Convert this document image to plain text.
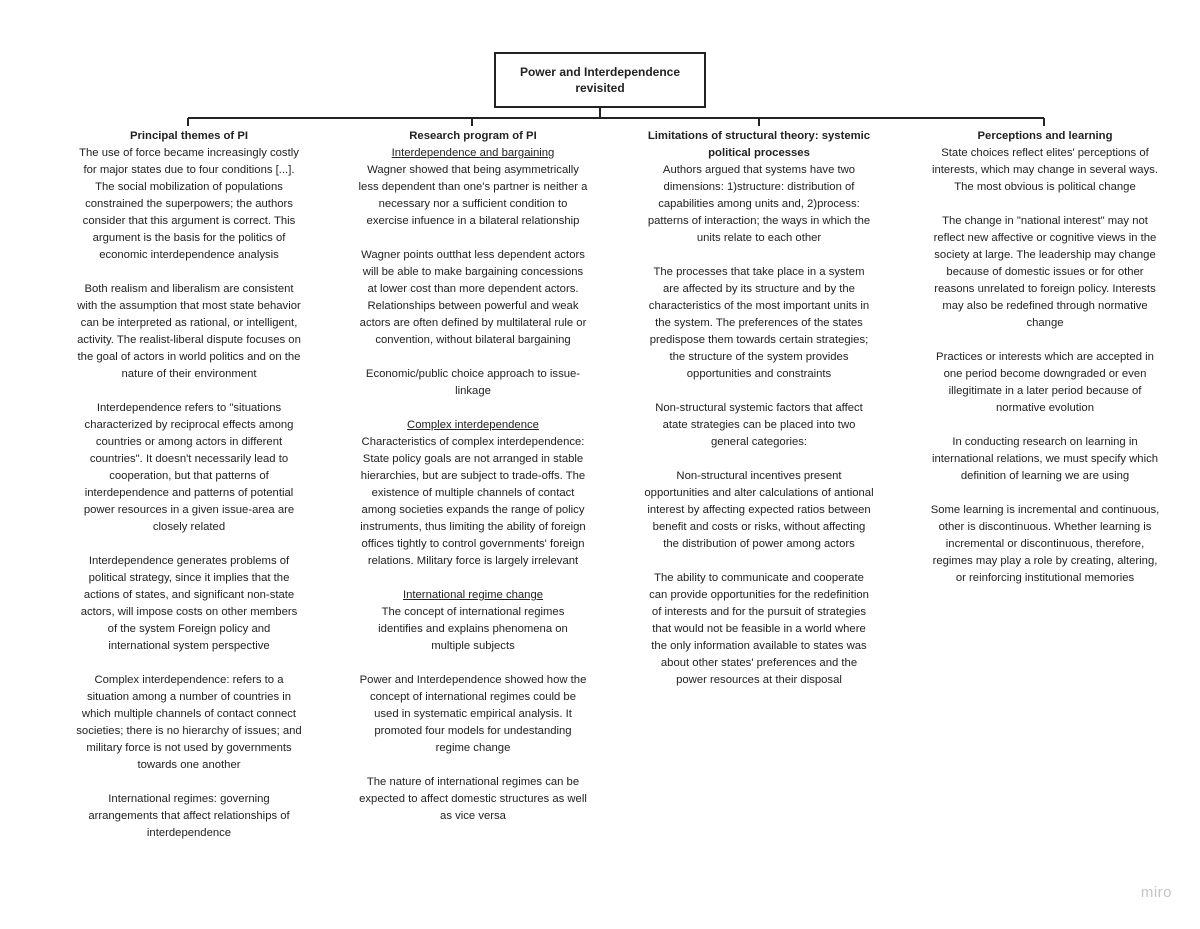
Power and Interdependence revisited
Principal themes of PI
The use of force became increasingly costly for major states due to four conditions [...]. The social mobilization of populations constrained the superpowers; the authors consider that this argument is correct. This argument is the basis for the politics of economic interdependence analysis
Both realism and liberalism are consistent with the assumption that most state behavior can be interpreted as rational, or intelligent, activity. The realist-liberal dispute focuses on the goal of actors in world politics and on the nature of their environment
Interdependence refers to "situations characterized by reciprocal effects among countries or among actors in different countries". It doesn't necessarily lead to cooperation, but that patterns of interdependence and patterns of potential power resources in a given issue-area are closely related
Interdependence generates problems of political strategy, since it implies that the actions of states, and significant non-state actors, will impose costs on other members of the system Foreign policy and international system perspective
Complex interdependence: refers to a situation among a number of countries in which multiple channels of contact connect societies; there is no hierarchy of issues; and military force is not used by governments towards one another
International regimes: governing arrangements that affect relationships of interdependence
Research program of PI
Interdependence and bargaining
Wagner showed that being asymmetrically less dependent than one's partner is neither a necessary nor a sufficient condition to exercise infuence in a bilateral relationship
Wagner points outthat less dependent actors will be able to make bargaining concessions at lower cost than more dependent actors. Relationships between powerful and weak actors are often defined by multilateral rule or convention, without bilateral bargaining
Economic/public choice approach to issue-linkage
Complex interdependence
Characteristics of complex interdependence: State policy goals are not arranged in stable hierarchies, but are subject to trade-offs. The existence of multiple channels of contact among societies expands the range of policy instruments, thus limiting the ability of foreign offices tightly to control governments' foreign relations. Military force is largely irrelevant
International regime change
The concept of international regimes identifies and explains phenomena on multiple subjects
Power and Interdependence showed how the concept of international regimes could be used in systematic empirical analysis. It promoted four models for undestanding regime change
The nature of international regimes can be expected to affect domestic structures as well as vice versa
Limitations of structural theory: systemic political processes
Authors argued that systems have two dimensions: 1)structure: distribution of capabilities among units and, 2)process: patterns of interaction; the ways in which the units relate to each other
The processes that take place in a system are affected by its structure and by the characteristics of the most important units in the system. The preferences of the states predispose them towards certain strategies; the structure of the system provides opportunities and constraints
Non-structural systemic factors that affect atate strategies can be placed into two general categories:
Non-structural incentives present opportunities and alter calculations of antional interest by affecting expected ratios between benefit and costs or risks, without affecting the distribution of power among actors
The ability to communicate and cooperate can provide opportunities for the redefinition of interests and for the pursuit of strategies that would not be feasible in a world where the only information available to states was about other states' preferences and the power resources at their disposal
Perceptions and learning
State choices reflect elites' perceptions of interests, which may change in several ways. The most obvious is political change
The change in "national interest" may not reflect new affective or cognitive views in the society at large. The leadership may change because of domestic issues or for other reasons unrelated to foreign policy. Interests may also be redefined through normative change
Practices or interests which are accepted in one period become downgraded or even illegitimate in a later period because of normative evolution
In conducting research on learning in international relations, we must specify which definition of learning we are using
Some learning is incremental and continuous, other is discontinuous. Whether learning is incremental or discontinuous, therefore, regimes may play a role by creating, altering, or reinforcing institutional memories
miro
